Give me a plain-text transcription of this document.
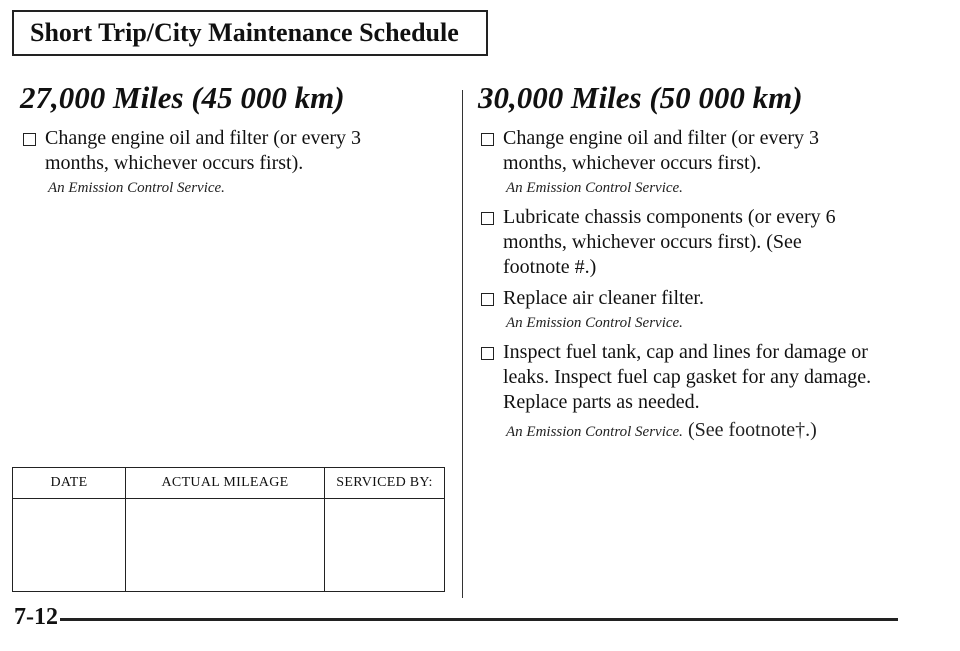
Short Trip/City Maintenance Schedule
27,000 Miles (45 000 km)
Change engine oil and filter (or every 3 months, whichever occurs first).
An Emission Control Service.
30,000 Miles (50 000 km)
Change engine oil and filter (or every 3 months, whichever occurs first).
An Emission Control Service.
Lubricate chassis components (or every 6 months, whichever occurs first). (See footnote #.)
Replace air cleaner filter.
An Emission Control Service.
Inspect fuel tank, cap and lines for damage or leaks. Inspect fuel cap gasket for any damage. Replace parts as needed.
An Emission Control Service. (See footnote†.)
DATE	ACTUAL MILEAGE	SERVICED BY:

7-12
